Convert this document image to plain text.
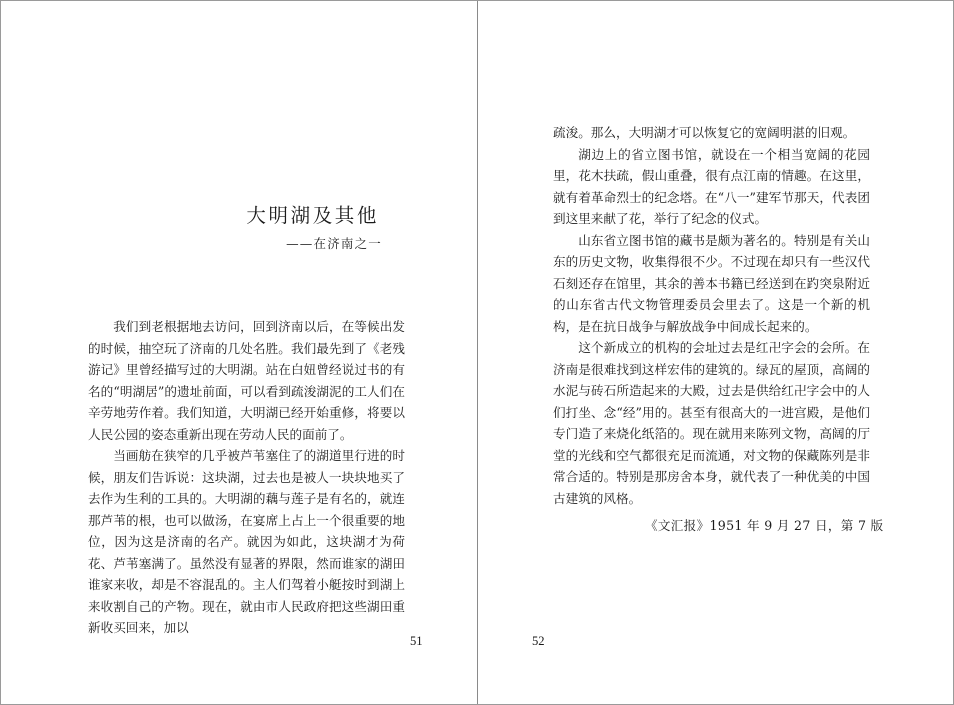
大明湖及其他
——在济南之一

我们到老根据地去访问，回到济南以后，在等候出发的时候，抽空玩了济南的几处名胜。我们最先到了《老残游记》里曾经描写过的大明湖。站在白妞曾经说过书的有名的“明湖居”的遗址前面，可以看到疏浚湖泥的工人们在辛劳地劳作着。我们知道，大明湖已经开始重修，将要以人民公园的姿态重新出现在劳动人民的面前了。

当画舫在狭窄的几乎被芦苇塞住了的湖道里行进的时候，朋友们告诉说：这块湖，过去也是被人一块块地买了去作为生利的工具的。大明湖的藕与莲子是有名的，就连那芦苇的根，也可以做汤，在宴席上占上一个很重要的地位，因为这是济南的名产。就因为如此，这块湖才为荷花、芦苇塞满了。虽然没有显著的界限，然而谁家的湖田谁家来收，却是不容混乱的。主人们驾着小艇按时到湖上来收割自己的产物。现在，就由市人民政府把这些湖田重新收买回来，加以

51

疏浚。那么，大明湖才可以恢复它的宽阔明湛的旧观。

湖边上的省立图书馆，就设在一个相当宽阔的花园里，花木扶疏，假山重叠，很有点江南的情趣。在这里，就有着革命烈士的纪念塔。在“八一”建军节那天，代表团到这里来献了花，举行了纪念的仪式。

山东省立图书馆的藏书是颇为著名的。特别是有关山东的历史文物，收集得很不少。不过现在却只有一些汉代石刻还存在馆里，其余的善本书籍已经送到在趵突泉附近的山东省古代文物管理委员会里去了。这是一个新的机构，是在抗日战争与解放战争中间成长起来的。

这个新成立的机构的会址过去是红卍字会的会所。在济南是很难找到这样宏伟的建筑的。绿瓦的屋顶，高阔的水泥与砖石所造起来的大殿，过去是供给红卍字会中的人们打坐、念“经”用的。甚至有很高大的一进宫殿，是他们专门造了来烧化纸箔的。现在就用来陈列文物，高阔的厅堂的光线和空气都很充足而流通，对文物的保藏陈列是非常合适的。特别是那房舍本身，就代表了一种优美的中国古建筑的风格。

《文汇报》1951 年 9 月 27 日，第 7 版
52
